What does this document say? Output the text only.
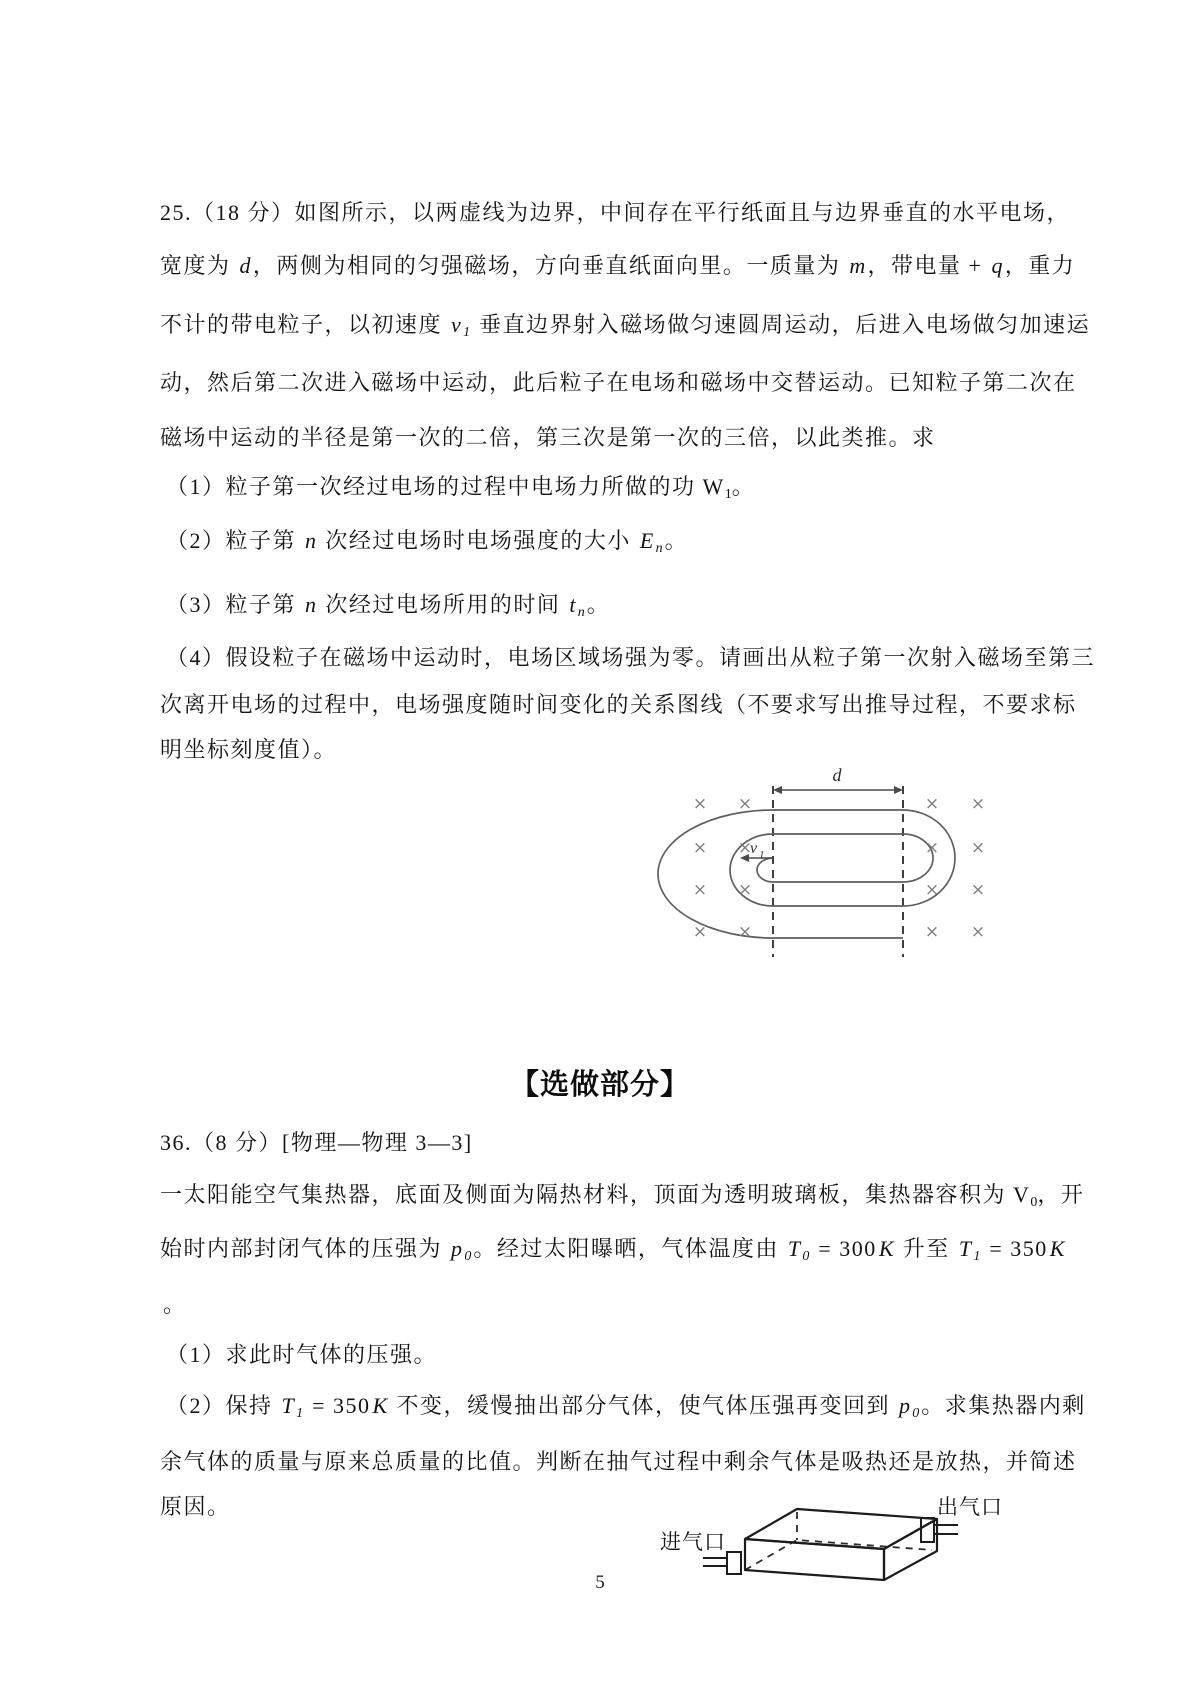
25.（18 分）如图所示，以两虚线为边界，中间存在平行纸面且与边界垂直的水平电场，
宽度为 d，两侧为相同的匀强磁场，方向垂直纸面向里。一质量为 m，带电量 + q，重力
不计的带电粒子，以初速度 v 1 垂直边界射入磁场做匀速圆周运动，后进入电场做匀加速运
动，然后第二次进入磁场中运动，此后粒子在电场和磁场中交替运动。已知粒子第二次在
磁场中运动的半径是第一次的二倍，第三次是第一次的三倍，以此类推。求
（1）粒子第一次经过电场的过程中电场力所做的功 W1。
（2）粒子第 n 次经过电场时电场强度的大小 E n。
（3）粒子第 n 次经过电场所用的时间 t n。
（4）假设粒子在磁场中运动时，电场区域场强为零。请画出从粒子第一次射入磁场至第三
次离开电场的过程中，电场强度随时间变化的关系图线（不要求写出推导过程，不要求标
明坐标刻度值）。
d
v 1
× ×
× ×
× ×
× ×
× ×
× ×
× ×
× ×
【选做部分】
36.（8 分）[物理—物理 3—3]
一太阳能空气集热器，底面及侧面为隔热材料，顶面为透明玻璃板，集热器容积为 V0，开
始时内部封闭气体的压强为 p 0。经过太阳曝晒，气体温度由 T 0 = 300K 升至 T 1 = 350K
。
（1）求此时气体的压强。
（2）保持 T 1 = 350K 不变，缓慢抽出部分气体，使气体压强再变回到 p 0。求集热器内剩
余气体的质量与原来总质量的比值。判断在抽气过程中剩余气体是吸热还是放热，并简述
原因。
进气口
出气口
5
